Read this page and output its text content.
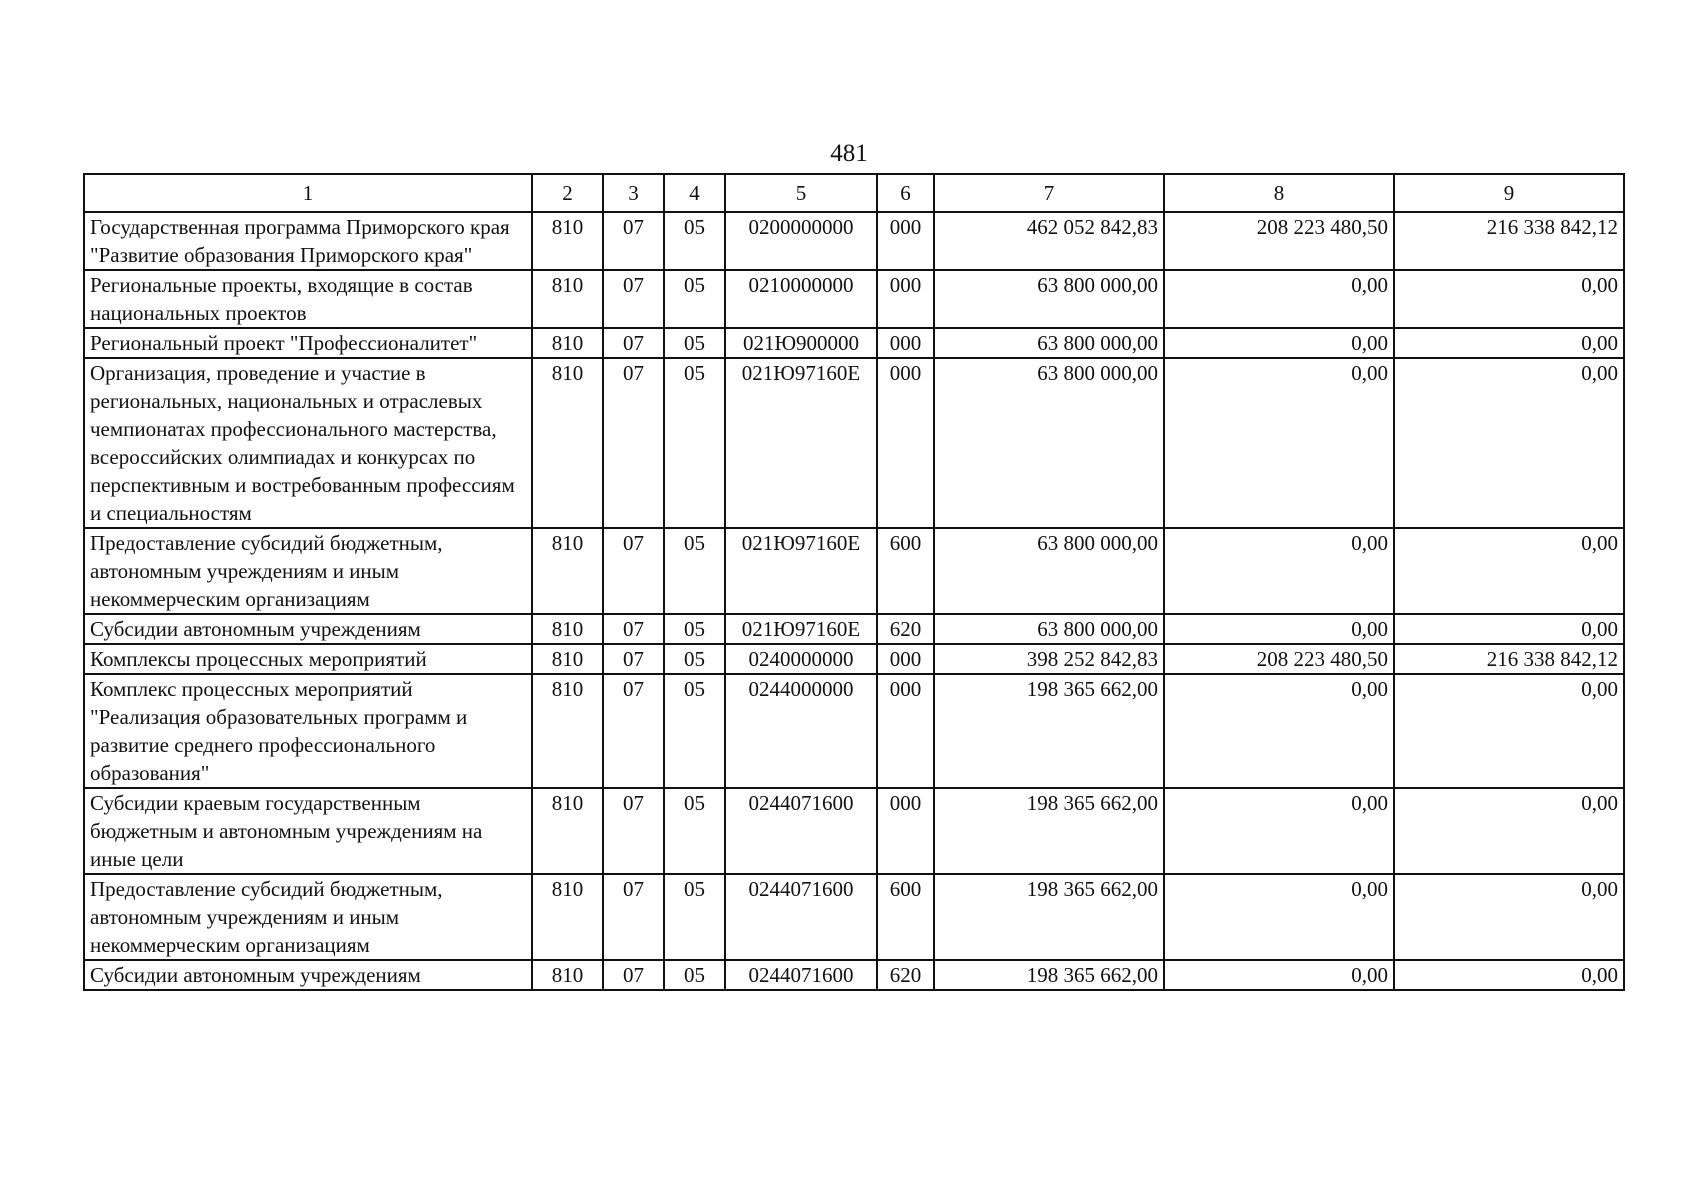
481
1	2	3	4	5	6	7	8	9
Государственная программа Приморского края "Развитие образования Приморского края"	810	07	05	0200000000	000	462 052 842,83	208 223 480,50	216 338 842,12
Региональные проекты, входящие в состав национальных проектов	810	07	05	0210000000	000	63 800 000,00	0,00	0,00
Региональный проект "Профессионалитет"	810	07	05	021Ю900000	000	63 800 000,00	0,00	0,00
Организация, проведение и участие в региональных, национальных и отраслевых чемпионатах профессионального мастерства, всероссийских олимпиадах и конкурсах по перспективным и востребованным профессиям и специальностям	810	07	05	021Ю97160Е	000	63 800 000,00	0,00	0,00
Предоставление субсидий бюджетным, автономным учреждениям и иным некоммерческим организациям	810	07	05	021Ю97160Е	600	63 800 000,00	0,00	0,00
Субсидии автономным учреждениям	810	07	05	021Ю97160Е	620	63 800 000,00	0,00	0,00
Комплексы процессных мероприятий	810	07	05	0240000000	000	398 252 842,83	208 223 480,50	216 338 842,12
Комплекс процессных мероприятий "Реализация образовательных программ и развитие среднего профессионального образования"	810	07	05	0244000000	000	198 365 662,00	0,00	0,00
Субсидии краевым государственным бюджетным и автономным учреждениям на иные цели	810	07	05	0244071600	000	198 365 662,00	0,00	0,00
Предоставление субсидий бюджетным, автономным учреждениям и иным некоммерческим организациям	810	07	05	0244071600	600	198 365 662,00	0,00	0,00
Субсидии автономным учреждениям	810	07	05	0244071600	620	198 365 662,00	0,00	0,00
